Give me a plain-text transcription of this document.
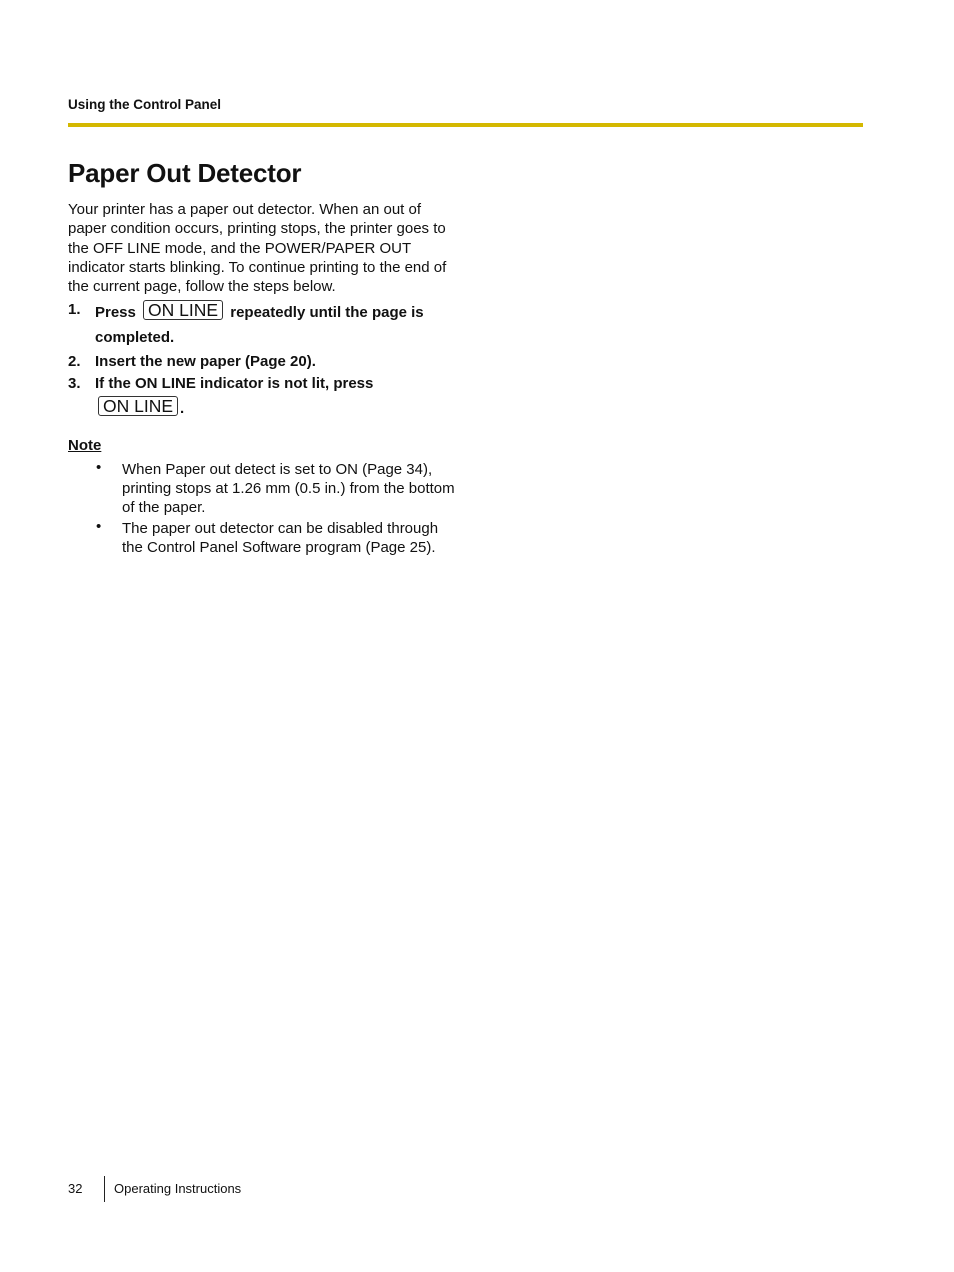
Using the Control Panel
Paper Out Detector

Your printer has a paper out detector. When an out of paper condition occurs, printing stops, the printer goes to the OFF LINE mode, and the POWER/PAPER OUT indicator starts blinking. To continue printing to the end of the current page, follow the steps below.

1. Press ON LINE repeatedly until the page is completed.
2. Insert the new paper (Page 20).
3. If the ON LINE indicator is not lit, press
ON LINE .
Note
• When Paper out detect is set to ON (Page 34), printing stops at 1.26 mm (0.5 in.) from the bottom of the paper.
• The paper out detector can be disabled through the Control Panel Software program (Page 25).
32 Operating Instructions
